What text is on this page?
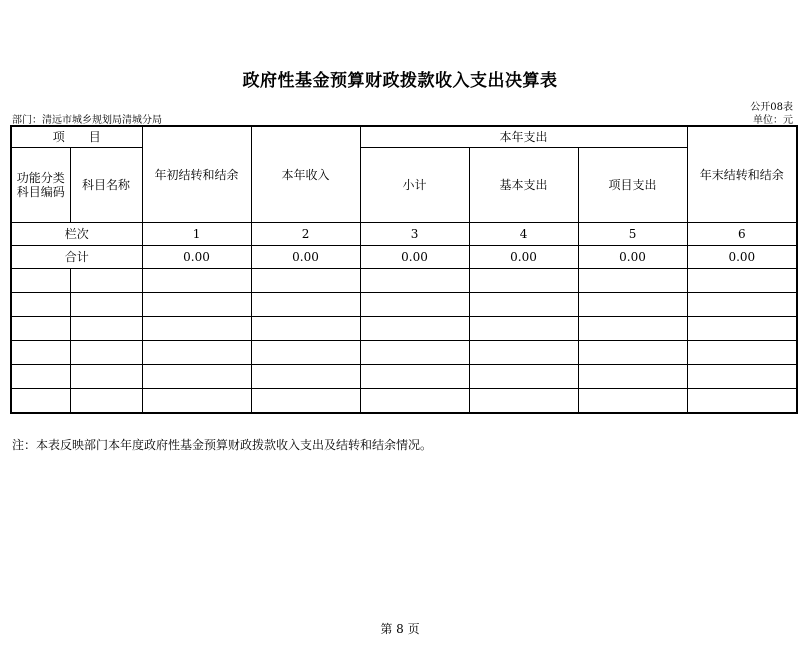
政府性基金预算财政拨款收入支出决算表
公开08表
部门：清远市城乡规划局清城分局	单位：元
项　　目		年初结转和结余	本年收入	本年支出			年末结转和结余
功能分类
科目编码	科目名称			小计	基本支出	项目支出	
栏次		1	2	3	4	5	6
合计		0.00	0.00	0.00	0.00	0.00	0.00

注：本表反映部门本年度政府性基金预算财政拨款收入支出及结转和结余情况。
第 8 页
